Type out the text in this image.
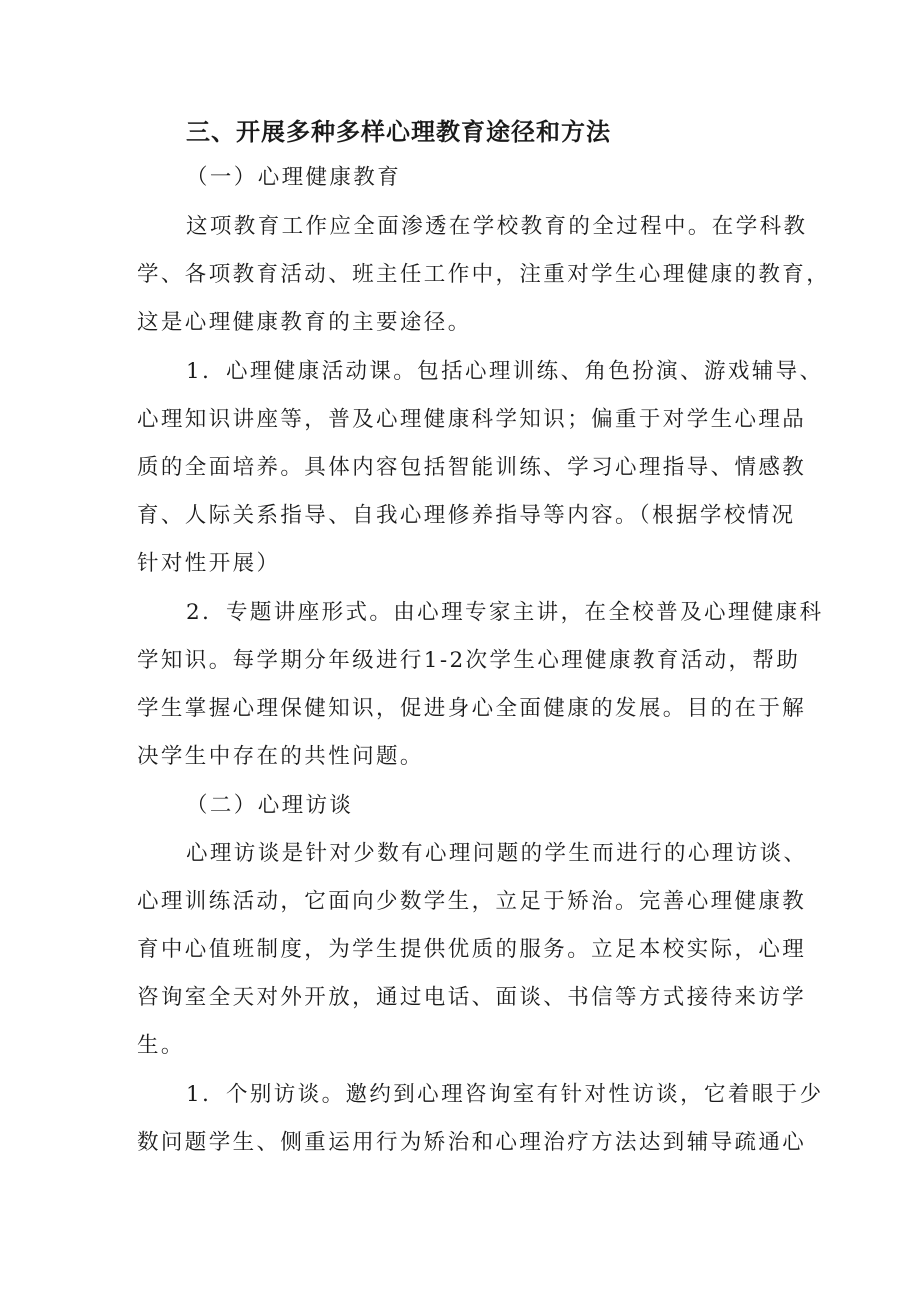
三、开展多种多样心理教育途径和方法

（一）心理健康教育

这项教育工作应全面渗透在学校教育的全过程中。在学科教

学、各项教育活动、班主任工作中，注重对学生心理健康的教育，

这是心理健康教育的主要途径。

1．心理健康活动课。包括心理训练、角色扮演、游戏辅导、

心理知识讲座等，普及心理健康科学知识；偏重于对学生心理品

质的全面培养。具体内容包括智能训练、学习心理指导、情感教

育、人际关系指导、自我心理修养指导等内容。（根据学校情况

针对性开展）

2．专题讲座形式。由心理专家主讲，在全校普及心理健康科

学知识。每学期分年级进行1-2次学生心理健康教育活动，帮助

学生掌握心理保健知识，促进身心全面健康的发展。目的在于解

决学生中存在的共性问题。

（二）心理访谈

心理访谈是针对少数有心理问题的学生而进行的心理访谈、

心理训练活动，它面向少数学生，立足于矫治。完善心理健康教

育中心值班制度，为学生提供优质的服务。立足本校实际，心理

咨询室全天对外开放，通过电话、面谈、书信等方式接待来访学

生。

1．个别访谈。邀约到心理咨询室有针对性访谈，它着眼于少

数问题学生、侧重运用行为矫治和心理治疗方法达到辅导疏通心
